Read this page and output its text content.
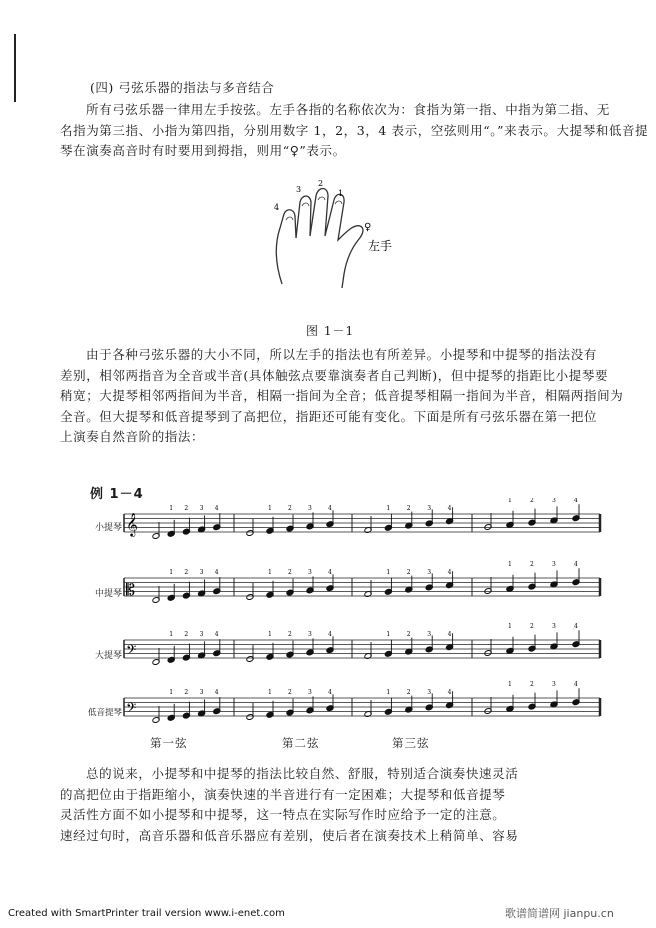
(四) 弓弦乐器的指法与多音结合
所有弓弦乐器一律用左手按弦。左手各指的名称依次为：食指为第一指、中指为第二指、无
名指为第三指、小指为第四指，分别用数字 1，2，3，4 表示，空弦则用“。”来表示。大提琴和低音提
琴在演奏高音时有时要用到拇指，则用“♀”表示。
4
3
2
1
♀
左手
图 1－1
由于各种弓弦乐器的大小不同，所以左手的指法也有所差异。小提琴和中提琴的指法没有
差别，相邻两指音为全音或半音(具体触弦点要靠演奏者自己判断)，但中提琴的指距比小提琴要
稍宽；大提琴相邻两指间为半音，相隔一指间为全音；低音提琴相隔一指间为半音，相隔两指间为
全音。但大提琴和低音提琴到了高把位，指距还可能有变化。下面是所有弓弦乐器在第一把位
上演奏自然音阶的指法：
例 1－4
小提琴
中提琴
大提琴
低音提琴
𝄞
1 2 3 4	1	2	3	4	1	2	3	4
1	2	3	4
𝄡
1 2 3 4	1	2	3	4	1	2	3	4
1	2	3	4
𝄢
1 2 3 4	1	2	3	4	1	2	3	4
1	2	3	4
𝄢
1 2 3 4	1	2	3	4	1	2	3	4
1	2	3	4
第一弦	第二弦	第三弦
总的说来，小提琴和中提琴的指法比较自然、舒服，特别适合演奏快速灵活
的高把位由于指距缩小，演奏快速的半音进行有一定困难；大提琴和低音提琴
灵活性方面不如小提琴和中提琴，这一特点在实际写作时应给予一定的注意。
速经过句时，高音乐器和低音乐器应有差别，使后者在演奏技术上稍简单、容易
Created with SmartPrinter trail version www.i-enet.com	歌谱简谱网 jianpu.cn
